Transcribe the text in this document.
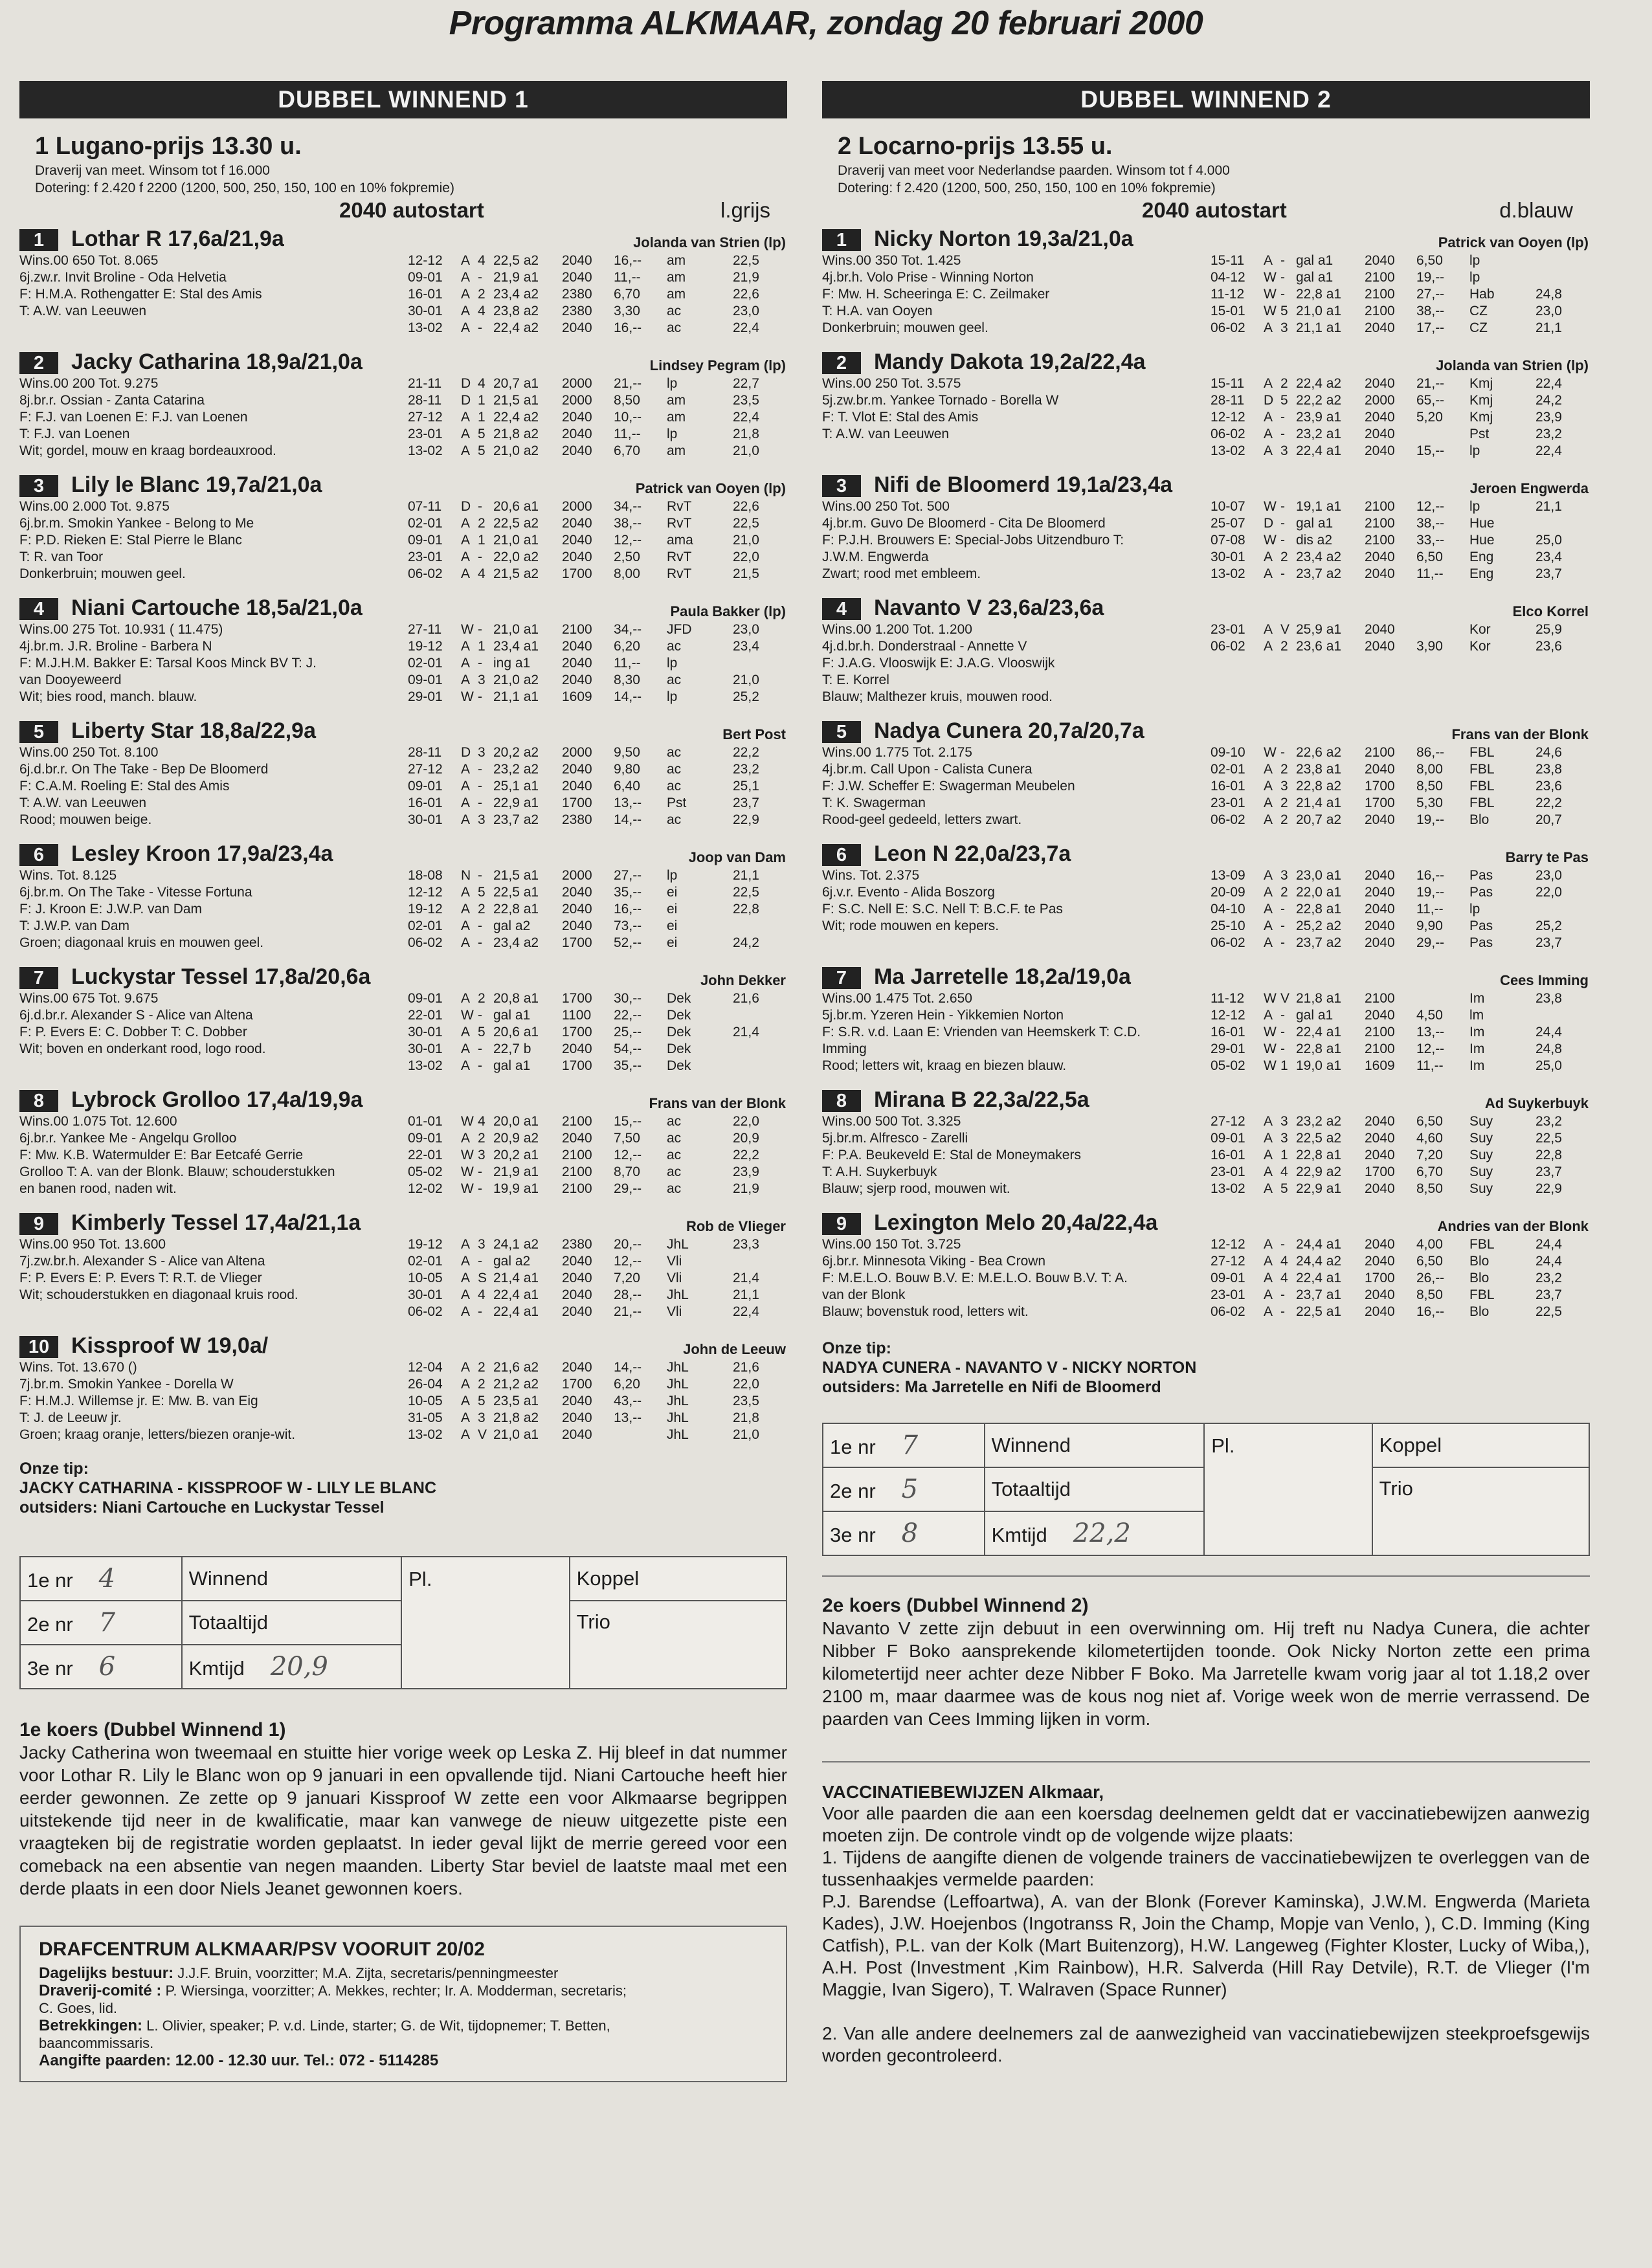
Programma ALKMAAR, zondag 20 februari 2000
DUBBEL WINNEND 1
1 Lugano-prijs 13.30 u.
Draverij van meet. Winsom tot f 16.000
Dotering: f 2.420 f 2200 (1200, 500, 250, 150, 100 en 10% fokpremie)
2040 autostart	l.grijs
1	Lothar R 17,6a/21,9a	Jolanda van Strien (lp)
Wins.00 650 Tot. 8.065
6j.zw.r. Invit Broline - Oda Helvetia
F: H.M.A. Rothengatter E: Stal des Amis
T: A.W. van Leeuwen
12-12 A 4 22,5 a2 2040 16,-- am	22,5
09-01 A - 21,9 a1 2040 11,-- am	21,9
16-01 A 2 23,4 a2 2380 6,70 am	22,6
30-01 A 4 23,8 a2 2380 3,30 ac	23,0
13-02 A - 22,4 a2 2040 16,-- ac	22,4
2	Jacky Catharina 18,9a/21,0a	Lindsey Pegram (lp)
Wins.00 200 Tot. 9.275
8j.br.r. Ossian - Zanta Catarina
F: F.J. van Loenen E: F.J. van Loenen
T: F.J. van Loenen
Wit; gordel, mouw en kraag bordeauxrood.
21-11 D 4 20,7 a1 2000 21,-- lp	22,7
28-11 D 1 21,5 a1 2000 8,50 am	23,5
27-12 A 1 22,4 a2 2040 10,-- am	22,4
23-01 A 5 21,8 a2 2040 11,-- lp	21,8
13-02 A 5 21,0 a2 2040 6,70 am	21,0
3	Lily le Blanc 19,7a/21,0a	Patrick van Ooyen (lp)
Wins.00 2.000 Tot. 9.875
6j.br.m. Smokin Yankee - Belong to Me
F: P.D. Rieken E: Stal Pierre le Blanc
T: R. van Toor
Donkerbruin; mouwen geel.
07-11 D - 20,6 a1 2000 34,-- RvT	22,6
02-01 A 2 22,5 a2 2040 38,-- RvT	22,5
09-01 A 1 21,0 a1 2040 12,-- ama	21,0
23-01 A - 22,0 a2 2040 2,50 RvT	22,0
06-02 A 4 21,5 a2 1700 8,00 RvT	21,5
4	Niani Cartouche 18,5a/21,0a	Paula Bakker (lp)
Wins.00 275 Tot. 10.931 ( 11.475)
4j.br.m. J.R. Broline - Barbera N
F: M.J.H.M. Bakker E: Tarsal Koos Minck BV T: J.
van Dooyeweerd
Wit; bies rood, manch. blauw.
27-11 W - 21,0 a1 2100 34,-- JFD	23,0
19-12 A 1 23,4 a1 2040 6,20 ac	23,4
02-01 A - ing a1 2040 11,-- lp
09-01 A 3 21,0 a2 2040 8,30 ac	21,0
29-01 W - 21,1 a1 1609 14,-- lp	25,2
5	Liberty Star 18,8a/22,9a	Bert Post
Wins.00 250 Tot. 8.100
6j.d.br.r. On The Take - Bep De Bloomerd
F: C.A.M. Roeling E: Stal des Amis
T: A.W. van Leeuwen
Rood; mouwen beige.
28-11 D 3 20,2 a2 2000 9,50 ac	22,2
27-12 A - 23,2 a2 2040 9,80 ac	23,2
09-01 A - 25,1 a1 2040 6,40 ac	25,1
16-01 A - 22,9 a1 1700 13,-- Pst	23,7
30-01 A 3 23,7 a2 2380 14,-- ac	22,9
6	Lesley Kroon 17,9a/23,4a	Joop van Dam
Wins. Tot. 8.125
6j.br.m. On The Take - Vitesse Fortuna
F: J. Kroon E: J.W.P. van Dam
T: J.W.P. van Dam
Groen; diagonaal kruis en mouwen geel.
18-08 N - 21,5 a1 2000 27,-- lp	21,1
12-12 A 5 22,5 a1 2040 35,-- ei	22,5
19-12 A 2 22,8 a1 2040 16,-- ei	22,8
02-01 A - gal a2 2040 73,-- ei
06-02 A - 23,4 a2 1700 52,-- ei	24,2
7	Luckystar Tessel 17,8a/20,6a	John Dekker
Wins.00 675 Tot. 9.675
6j.d.br.r. Alexander S - Alice van Altena
F: P. Evers E: C. Dobber T: C. Dobber
Wit; boven en onderkant rood, logo rood.
09-01 A 2 20,8 a1 1700 30,-- Dek	21,6
22-01 W - gal a1 1100 22,-- Dek
30-01 A 5 20,6 a1 1700 25,-- Dek	21,4
30-01 A - 22,7 b 2040 54,-- Dek
13-02 A - gal a1 1700 35,-- Dek
8	Lybrock Grolloo 17,4a/19,9a	Frans van der Blonk
Wins.00 1.075 Tot. 12.600
6j.br.r. Yankee Me - Angelqu Grolloo
F: Mw. K.B. Watermulder E: Bar Eetcafé Gerrie
Grolloo T: A. van der Blonk. Blauw; schouderstukken
en banen rood, naden wit.
01-01 W 4 20,0 a1 2100 15,-- ac	22,0
09-01 A 2 20,9 a2 2040 7,50 ac	20,9
22-01 W 3 20,2 a1 2100 12,-- ac	22,2
05-02 W - 21,9 a1 2100 8,70 ac	23,9
12-02 W - 19,9 a1 2100 29,-- ac	21,9
9	Kimberly Tessel 17,4a/21,1a	Rob de Vlieger
Wins.00 950 Tot. 13.600
7j.zw.br.h. Alexander S - Alice van Altena
F: P. Evers E: P. Evers T: R.T. de Vlieger
Wit; schouderstukken en diagonaal kruis rood.
19-12 A 3 24,1 a2 2380 20,-- JhL	23,3
02-01 A - gal a2 2040 12,-- Vli
10-05 A S 21,4 a1 2040 7,20 Vli	21,4
30-01 A 4 22,4 a1 2040 28,-- JhL	21,1
06-02 A - 22,4 a1 2040 21,-- Vli	22,4
10 Kissproof W 19,0a/	John de Leeuw
Wins. Tot. 13.670 ()
7j.br.m. Smokin Yankee - Dorella W
F: H.M.J. Willemse jr. E: Mw. B. van Eig
T: J. de Leeuw jr.
Groen; kraag oranje, letters/biezen oranje-wit.
12-04 A 2 21,6 a2 2040 14,-- JhL	21,6
26-04 A 2 21,2 a2 1700 6,20 JhL	22,0
10-05 A 5 23,5 a1 2040 43,-- JhL	23,5
31-05 A 3 21,8 a2 2040 13,-- JhL	21,8
13-02 A V 21,0 a1 2040	JhL	21,0
Onze tip:
JACKY CATHARINA - KISSPROOF W - LILY LE BLANC
outsiders: Niani Cartouche en Luckystar Tessel
1e nr 4	Winnend	Pl.	Koppel
2e nr 7	Totaaltijd		Trio
3e nr 6	Kmtijd 20,9		
1e koers (Dubbel Winnend 1)
Jacky Catherina won tweemaal en stuitte hier vorige week op Leska Z. Hij bleef in dat nummer voor Lothar R. Lily le Blanc won op 9 januari in een opvallende tijd. Niani Cartouche heeft hier eerder gewonnen. Ze zette op 9 januari Kissproof W zette een voor Alkmaarse begrippen uitstekende tijd neer in de kwalificatie, maar kan vanwege de nieuw uitgezette piste een vraagteken bij de registratie worden geplaatst. In ieder geval lijkt de merrie gereed voor een comeback na een absentie van negen maanden. Liberty Star beviel de laatste maal met een derde plaats in een door Niels Jeanet gewonnen koers.
DRAFCENTRUM ALKMAAR/PSV VOORUIT 20/02
Dagelijks bestuur: J.J.F. Bruin, voorzitter; M.A. Zijta, secretaris/penningmeester
Draverij-comité : P. Wiersinga, voorzitter; A. Mekkes, rechter; Ir. A. Modderman, secretaris;
C. Goes, lid.
Betrekkingen: L. Olivier, speaker; P. v.d. Linde, starter; G. de Wit, tijdopnemer; T. Betten,
baancommissaris.
Aangifte paarden: 12.00 - 12.30 uur. Tel.: 072 - 5114285
DUBBEL WINNEND 2
2 Locarno-prijs 13.55 u.
Draverij van meet voor Nederlandse paarden. Winsom tot f 4.000
Dotering: f 2.420 (1200, 500, 250, 150, 100 en 10% fokpremie)
2040 autostart	d.blauw
1	Nicky Norton 19,3a/21,0a	Patrick van Ooyen (lp)
Wins.00 350 Tot. 1.425
4j.br.h. Volo Prise - Winning Norton
F: Mw. H. Scheeringa E: C. Zeilmaker
T: H.A. van Ooyen
Donkerbruin; mouwen geel.
15-11 A - gal a1 2040 6,50 lp
04-12 W - gal a1 2100 19,-- lp
11-12 W - 22,8 a1 2100 27,-- Hab	24,8
15-01 W 5 21,0 a1 2100 38,-- CZ	23,0
06-02 A 3 21,1 a1 2040 17,-- CZ	21,1
2	Mandy Dakota 19,2a/22,4a	Jolanda van Strien (lp)
Wins.00 250 Tot. 3.575
5j.zw.br.m. Yankee Tornado - Borella W
F: T. Vlot E: Stal des Amis
T: A.W. van Leeuwen
15-11 A 2 22,4 a2 2040 21,-- Kmj	22,4
28-11 D 5 22,2 a2 2000 65,-- Kmj	24,2
12-12 A - 23,9 a1 2040 5,20 Kmj	23,9
06-02 A - 23,2 a1 2040	Pst	23,2
13-02 A 3 22,4 a1 2040 15,-- lp	22,4
3	Nifi de Bloomerd 19,1a/23,4a	Jeroen Engwerda
Wins.00 250 Tot. 500
4j.br.m. Guvo De Bloomerd - Cita De Bloomerd
F: P.J.H. Brouwers E: Special-Jobs Uitzendburo T:
J.W.M. Engwerda
Zwart; rood met embleem.
10-07 W - 19,1 a1 2100 12,-- lp	21,1
25-07 D - gal a1 2100 38,-- Hue
07-08 W - dis a2 2100 33,-- Hue	25,0
30-01 A 2 23,4 a2 2040 6,50 Eng	23,4
13-02 A - 23,7 a2 2040 11,-- Eng	23,7
4	Navanto V 23,6a/23,6a	Elco Korrel
Wins.00 1.200 Tot. 1.200
4j.d.br.h. Donderstraal - Annette V
F: J.A.G. Vlooswijk E: J.A.G. Vlooswijk
T: E. Korrel
Blauw; Malthezer kruis, mouwen rood.
23-01 A V 25,9 a1 2040	Kor	25,9
06-02 A 2 23,6 a1 2040 3,90 Kor	23,6
5	Nadya Cunera 20,7a/20,7a	Frans van der Blonk
Wins.00 1.775 Tot. 2.175
4j.br.m. Call Upon - Calista Cunera
F: J.W. Scheffer E: Swagerman Meubelen
T: K. Swagerman
Rood-geel gedeeld, letters zwart.
09-10 W - 22,6 a2 2100 86,-- FBL	24,6
02-01 A 2 23,8 a1 2040 8,00 FBL	23,8
16-01 A 3 22,8 a2 1700 8,50 FBL	23,6
23-01 A 2 21,4 a1 1700 5,30 FBL	22,2
06-02 A 2 20,7 a2 2040 19,-- Blo	20,7
6	Leon N 22,0a/23,7a	Barry te Pas
Wins. Tot. 2.375
6j.v.r. Evento - Alida Boszorg
F: S.C. Nell E: S.C. Nell T: B.C.F. te Pas
Wit; rode mouwen en kepers.
13-09 A 3 23,0 a1 2040 16,-- Pas	23,0
20-09 A 2 22,0 a1 2040 19,-- Pas	22,0
04-10 A - 22,8 a1 2040 11,-- lp
25-10 A - 25,2 a2 2040 9,90 Pas	25,2
06-02 A - 23,7 a2 2040 29,-- Pas	23,7
7	Ma Jarretelle 18,2a/19,0a	Cees Imming
Wins.00 1.475 Tot. 2.650
5j.br.m. Yzeren Hein - Yikkemien Norton
F: S.R. v.d. Laan E: Vrienden van Heemskerk T: C.D.
Imming
Rood; letters wit, kraag en biezen blauw.
11-12 W V 21,8 a1 2100	Im	23,8
12-12 A - gal a1 2040 4,50 lm
16-01 W - 22,4 a1 2100 13,-- Im	24,4
29-01 W - 22,8 a1 2100 12,-- Im	24,8
05-02 W 1 19,0 a1 1609 11,-- Im	25,0
8	Mirana B 22,3a/22,5a	Ad Suykerbuyk
Wins.00 500 Tot. 3.325
5j.br.m. Alfresco - Zarelli
F: P.A. Beukeveld E: Stal de Moneymakers
T: A.H. Suykerbuyk
Blauw; sjerp rood, mouwen wit.
27-12 A 3 23,2 a2 2040 6,50 Suy	23,2
09-01 A 3 22,5 a2 2040 4,60 Suy	22,5
16-01 A 1 22,8 a1 2040 7,20 Suy	22,8
23-01 A 4 22,9 a2 1700 6,70 Suy	23,7
13-02 A 5 22,9 a1 2040 8,50 Suy	22,9
9	Lexington Melo 20,4a/22,4a	Andries van der Blonk
Wins.00 150 Tot. 3.725
6j.br.r. Minnesota Viking - Bea Crown
F: M.E.L.O. Bouw B.V. E: M.E.L.O. Bouw B.V. T: A.
van der Blonk
Blauw; bovenstuk rood, letters wit.
12-12 A - 24,4 a1 2040 4,00 FBL	24,4
27-12 A 4 24,4 a2 2040 6,50 Blo	24,4
09-01 A 4 22,4 a1 1700 26,-- Blo	23,2
23-01 A - 23,7 a1 2040 8,50 FBL	23,7
06-02 A - 22,5 a1 2040 16,-- Blo	22,5
Onze tip:
NADYA CUNERA - NAVANTO V - NICKY NORTON
outsiders: Ma Jarretelle en Nifi de Bloomerd
1e nr 7	Winnend	Pl.	Koppel
2e nr 5	Totaaltijd		Trio
3e nr 8	Kmtijd 22,2		
2e koers (Dubbel Winnend 2)
Navanto V zette zijn debuut in een overwinning om. Hij treft nu Nadya Cunera, die achter Nibber F Boko aansprekende kilometertijden toonde. Ook Nicky Norton zette een prima kilometertijd neer achter deze Nibber F Boko. Ma Jarretelle kwam vorig jaar al tot 1.18,2 over 2100 m, maar daarmee was de kous nog niet af. Vorige week won de merrie verrassend. De paarden van Cees Imming lijken in vorm.
VACCINATIEBEWIJZEN Alkmaar,
Voor alle paarden die aan een koersdag deelnemen geldt dat er vaccinatiebewijzen aanwezig moeten zijn. De controle vindt op de volgende wijze plaats:
1. Tijdens de aangifte dienen de volgende trainers de vaccinatiebewijzen te overleggen van de tussenhaakjes vermelde paarden:
P.J. Barendse (Leffoartwa), A. van der Blonk (Forever Kaminska), J.W.M. Engwerda (Marieta Kades), J.W. Hoejenbos (Ingotranss R, Join the Champ, Mopje van Venlo, ), C.D. Imming (King Catfish), P.L. van der Kolk (Mart Buitenzorg), H.W. Langeweg (Fighter Kloster, Lucky of Wiba,), A.H. Post (Investment ,Kim Rainbow), H.R. Salverda (Hill Ray Detvile), R.T. de Vlieger (I'm Maggie, Ivan Sigero), T. Walraven (Space Runner)
2. Van alle andere deelnemers zal de aanwezigheid van vaccinatiebewijzen steekproefsgewijs worden gecontroleerd.
